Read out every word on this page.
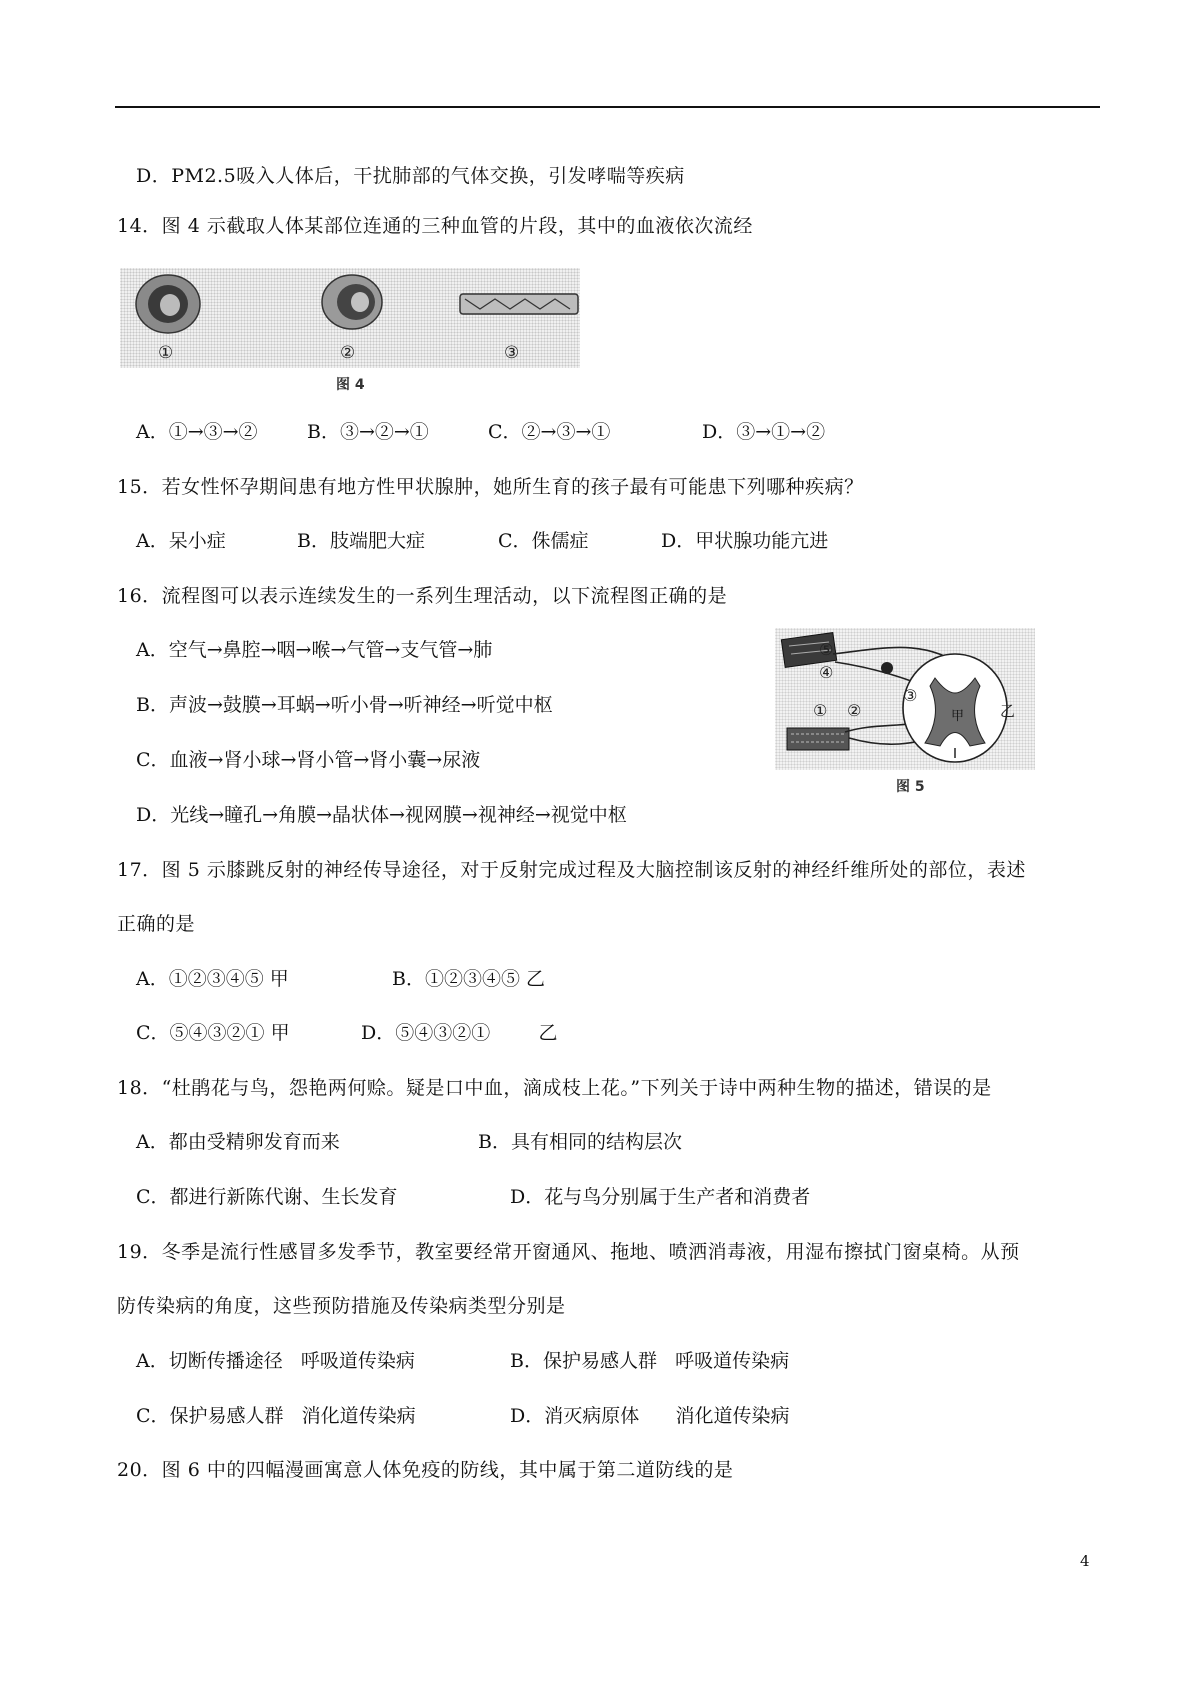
D．PM2.5吸入人体后，干扰肺部的气体交换，引发哮喘等疾病
14．图 4 示截取人体某部位连通的三种血管的片段，其中的血液依次流经
①	②	③
图 4
A．①→③→②	B．③→②→①	C．②→③→①	D．③→①→②
15．若女性怀孕期间患有地方性甲状腺肿，她所生育的孩子最有可能患下列哪种疾病？
A．呆小症	B．肢端肥大症	C．侏儒症	D．甲状腺功能亢进
16．流程图可以表示连续发生的一系列生理活动，以下流程图正确的是
A．空气→鼻腔→咽→喉→气管→支气管→肺
B．声波→鼓膜→耳蜗→听小骨→听神经→听觉中枢
C．血液→肾小球→肾小管→肾小囊→尿液
D．光线→瞳孔→角膜→晶状体→视网膜→视神经→视觉中枢
⑤
④
③
②
①	甲 乙
图 5
17．图 5 示膝跳反射的神经传导途径，对于反射完成过程及大脑控制该反射的神经纤维所处的部位，表述
正确的是
A．①②③④⑤ 甲	B．①②③④⑤ 乙
C．⑤④③②① 甲	D．⑤④③②①        乙
18．“杜鹃花与鸟，怨艳两何赊。疑是口中血，滴成枝上花。”下列关于诗中两种生物的描述，错误的是
A．都由受精卵发育而来	B．具有相同的结构层次
C．都进行新陈代谢、生长发育	D．花与鸟分别属于生产者和消费者
19．冬季是流行性感冒多发季节，教室要经常开窗通风、拖地、喷洒消毒液，用湿布擦拭门窗桌椅。从预
防传染病的角度，这些预防措施及传染病类型分别是
A．切断传播途径   呼吸道传染病	B．保护易感人群   呼吸道传染病
C．保护易感人群   消化道传染病	D．消灭病原体      消化道传染病
20．图 6 中的四幅漫画寓意人体免疫的防线，其中属于第二道防线的是
4
